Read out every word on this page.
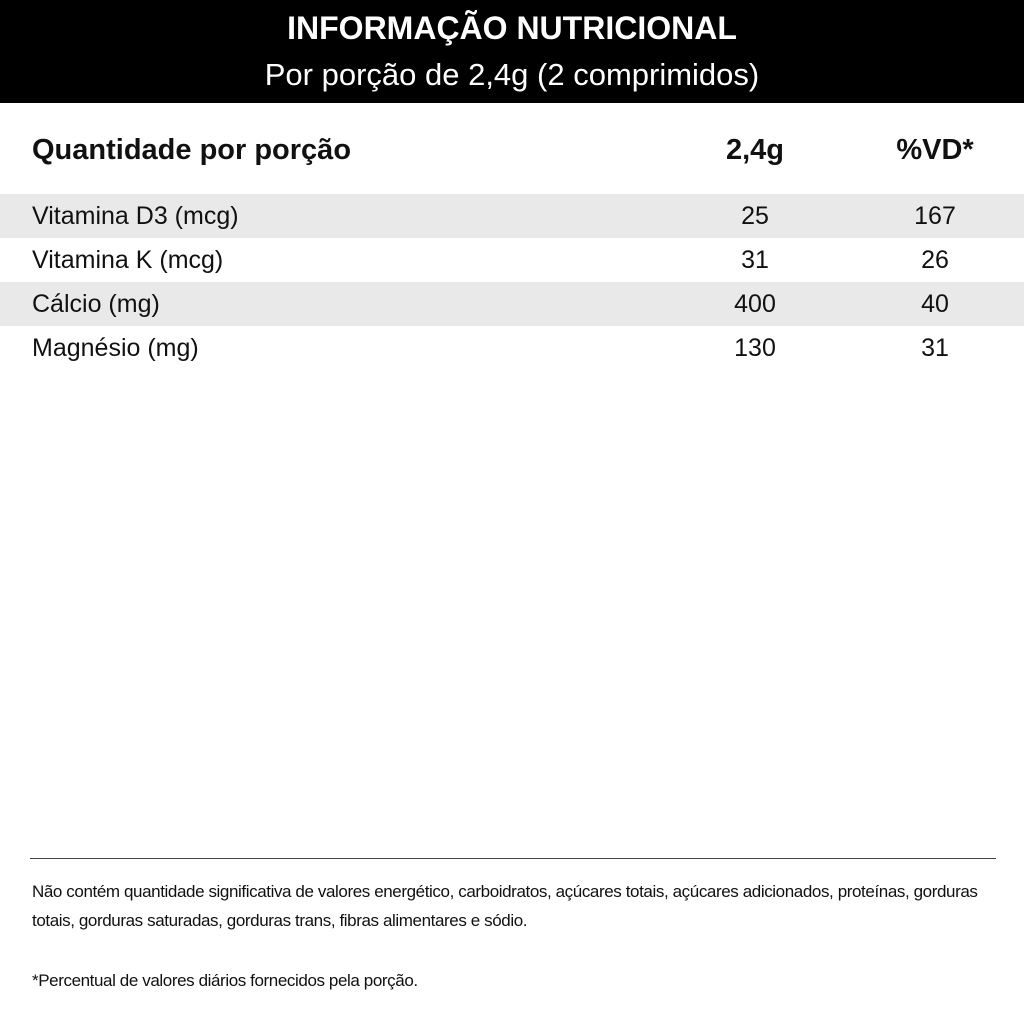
INFORMAÇÃO NUTRICIONAL
Por porção de 2,4g (2 comprimidos)
Quantidade por porção	2,4g	%VD*
Vitamina D3 (mcg)	25	167
Vitamina K (mcg)	31	26
Cálcio (mg)	400	40
Magnésio (mg)	130	31
Não contém quantidade significativa de valores energético, carboidratos, açúcares totais, açúcares adicionados, proteínas, gorduras totais, gorduras saturadas, gorduras trans, fibras alimentares e sódio.
*Percentual de valores diários fornecidos pela porção.
